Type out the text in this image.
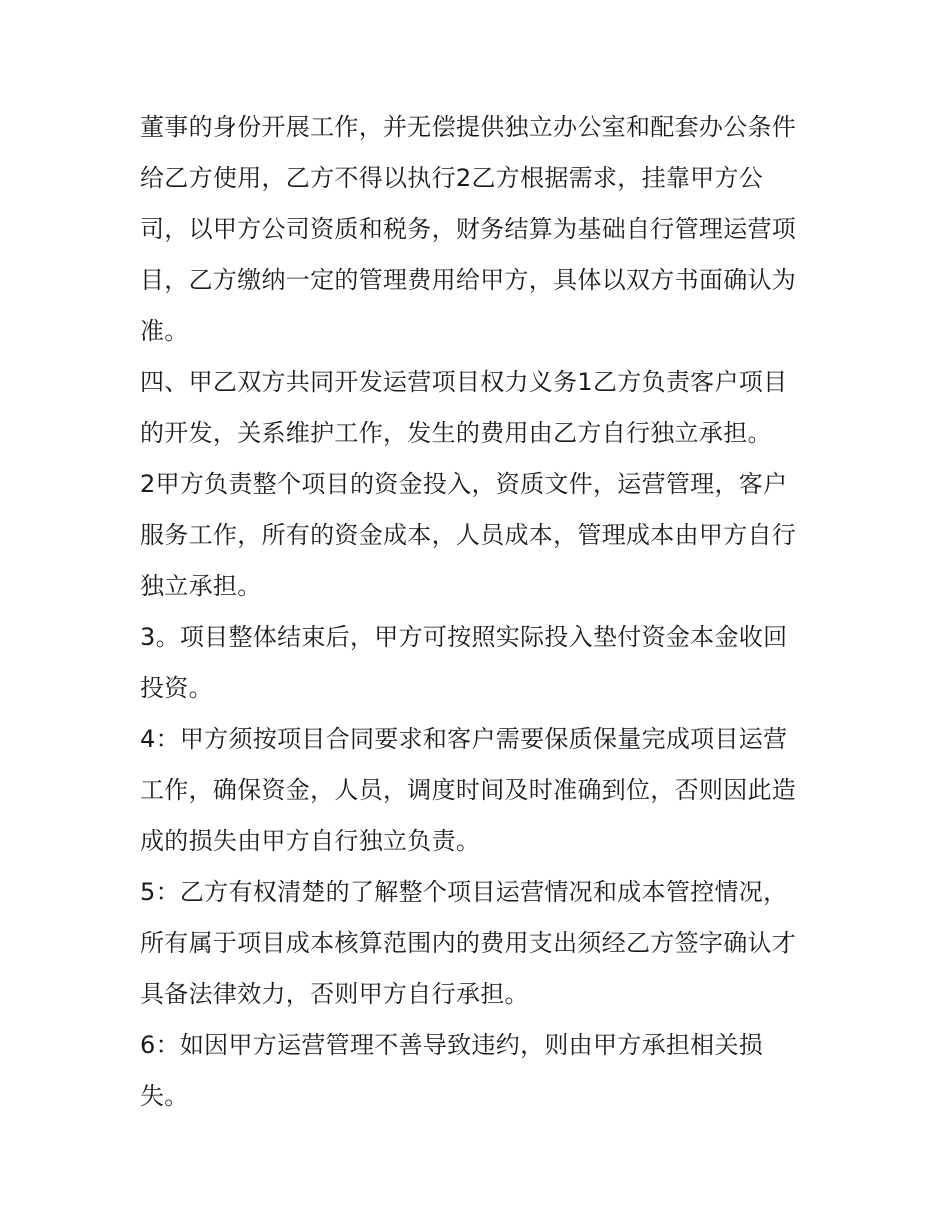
董事的身份开展工作，并无偿提供独立办公室和配套办公条件
给乙方使用，乙方不得以执行2乙方根据需求，挂靠甲方公
司，以甲方公司资质和税务，财务结算为基础自行管理运营项
目，乙方缴纳一定的管理费用给甲方，具体以双方书面确认为
准。
四、甲乙双方共同开发运营项目权力义务1乙方负责客户项目
的开发，关系维护工作，发生的费用由乙方自行独立承担。
2甲方负责整个项目的资金投入，资质文件，运营管理，客户
服务工作，所有的资金成本，人员成本，管理成本由甲方自行
独立承担。
3。项目整体结束后，甲方可按照实际投入垫付资金本金收回
投资。
4：甲方须按项目合同要求和客户需要保质保量完成项目运营
工作，确保资金，人员，调度时间及时准确到位，否则因此造
成的损失由甲方自行独立负责。
5：乙方有权清楚的了解整个项目运营情况和成本管控情况，
所有属于项目成本核算范围内的费用支出须经乙方签字确认才
具备法律效力，否则甲方自行承担。
6：如因甲方运营管理不善导致违约，则由甲方承担相关损
失。
